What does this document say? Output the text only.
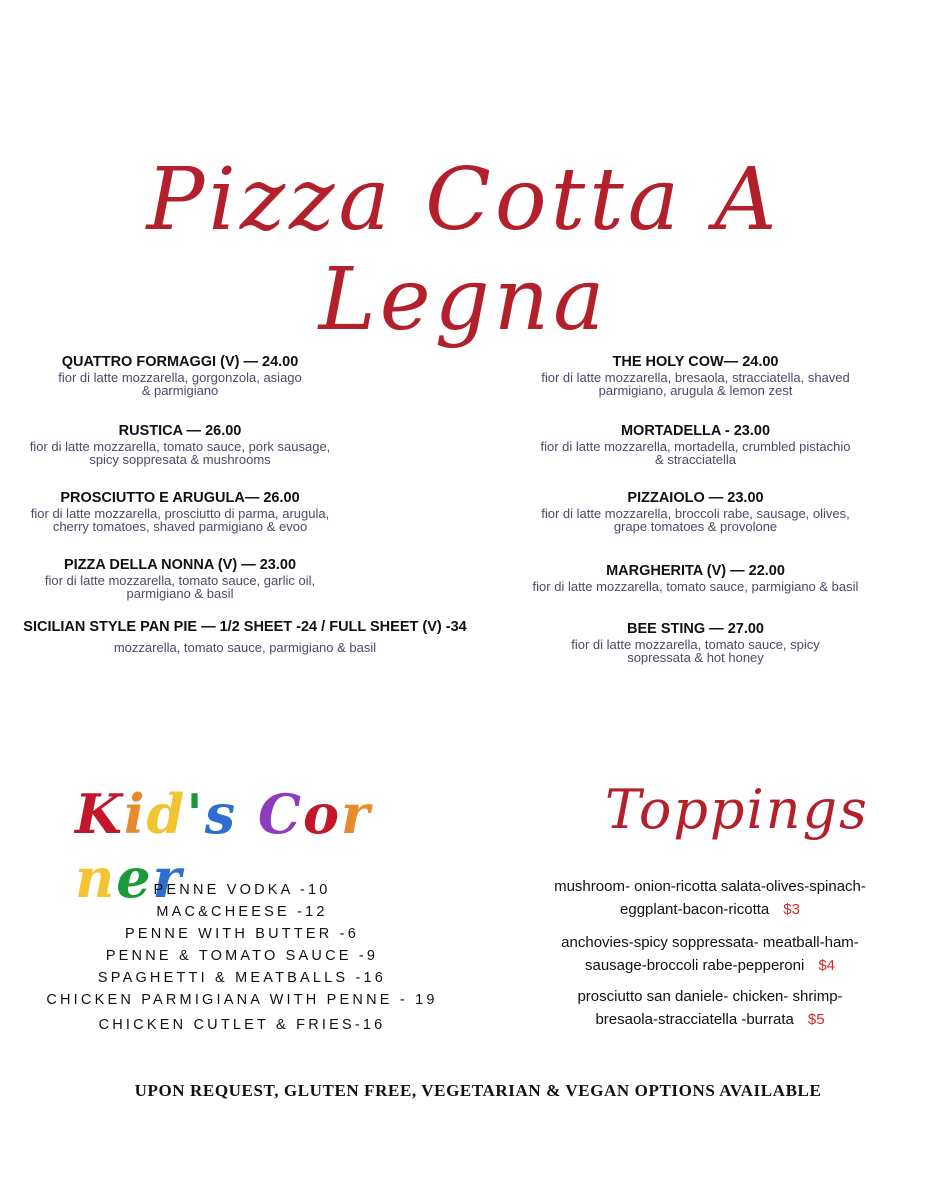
Pizza Cotta A Legna
QUATTRO FORMAGGI (V) — 24.00
fior di latte mozzarella, gorgonzola, asiago
& parmigiano
RUSTICA — 26.00
fior di latte mozzarella, tomato sauce, pork sausage,
spicy soppresata & mushrooms
PROSCIUTTO E ARUGULA— 26.00
fior di latte mozzarella, prosciutto di parma, arugula,
cherry tomatoes, shaved parmigiano & evoo
PIZZA DELLA NONNA (V) — 23.00
fior di latte mozzarella, tomato sauce, garlic oil,
parmigiano & basil
SICILIAN STYLE PAN PIE — 1/2 SHEET -24 / FULL SHEET (V) -34
mozzarella, tomato sauce, parmigiano & basil
THE HOLY COW— 24.00
fior di latte mozzarella, bresaola, stracciatella, shaved
parmigiano, arugula & lemon zest
MORTADELLA - 23.00
fior di latte mozzarella, mortadella, crumbled pistachio
& stracciatella
PIZZAIOLO — 23.00
fior di latte mozzarella, broccoli rabe, sausage, olives,
grape tomatoes & provolone
MARGHERITA (V) — 22.00
fior di latte mozzarella, tomato sauce, parmigiano & basil
BEE STING — 27.00
fior di latte mozzarella, tomato sauce, spicy
sopressata & hot honey
Kid's Corner
PENNE VODKA -10
MAC&CHEESE -12
PENNE WITH BUTTER -6
PENNE & TOMATO SAUCE -9
SPAGHETTI & MEATBALLS -16
CHICKEN PARMIGIANA WITH PENNE - 19
CHICKEN CUTLET & FRIES-16
Toppings
mushroom- onion-ricotta salata-olives-spinach-
eggplant-bacon-ricotta $3
anchovies-spicy soppressata- meatball-ham-
sausage-broccoli rabe-pepperoni $4
prosciutto san daniele- chicken- shrimp-
bresaola-stracciatella -burrata $5
UPON REQUEST, GLUTEN FREE, VEGETARIAN & VEGAN OPTIONS AVAILABLE
